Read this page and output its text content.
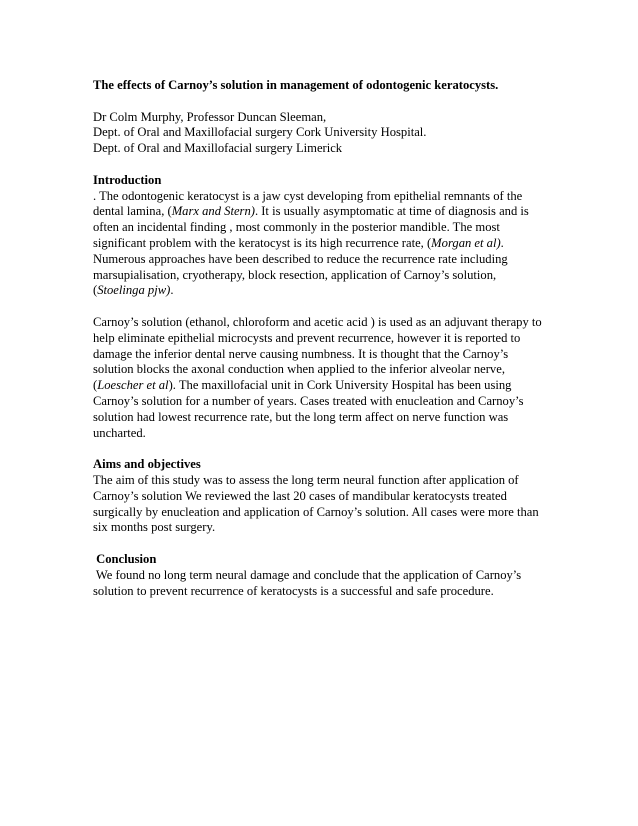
The effects of Carnoy’s solution in management of odontogenic keratocysts.

Dr Colm Murphy, Professor Duncan Sleeman,
Dept. of Oral and Maxillofacial surgery Cork University Hospital.
Dept. of Oral and Maxillofacial surgery Limerick
Introduction
. The odontogenic keratocyst is a jaw cyst developing from epithelial remnants of the
dental lamina, (Marx and Stern). It is usually asymptomatic at time of diagnosis and is
often an incidental finding , most commonly in the posterior mandible. The most
significant problem with the keratocyst is its high recurrence rate, (Morgan et al).
Numerous approaches have been described to reduce the recurrence rate including
marsupialisation, cryotherapy, block resection, application of Carnoy’s solution,
(Stoelinga pjw).
Carnoy’s solution (ethanol, chloroform and acetic acid ) is used as an adjuvant therapy to
help eliminate epithelial microcysts and prevent recurrence, however it is reported to
damage the inferior dental nerve causing numbness. It is thought that the Carnoy’s
solution blocks the axonal conduction when applied to the inferior alveolar nerve,
(Loescher et al). The maxillofacial unit in Cork University Hospital has been using
Carnoy’s solution for a number of years. Cases treated with enucleation and Carnoy’s
solution had lowest recurrence rate, but the long term affect on nerve function was
uncharted.
Aims and objectives
The aim of this study was to assess the long term neural function after application of
Carnoy’s solution We reviewed the last 20 cases of mandibular keratocysts treated
surgically by enucleation and application of Carnoy’s solution. All cases were more than
six months post surgery.
Conclusion
We found no long term neural damage and conclude that the application of Carnoy’s
solution to prevent recurrence of keratocysts is a successful and safe procedure.
